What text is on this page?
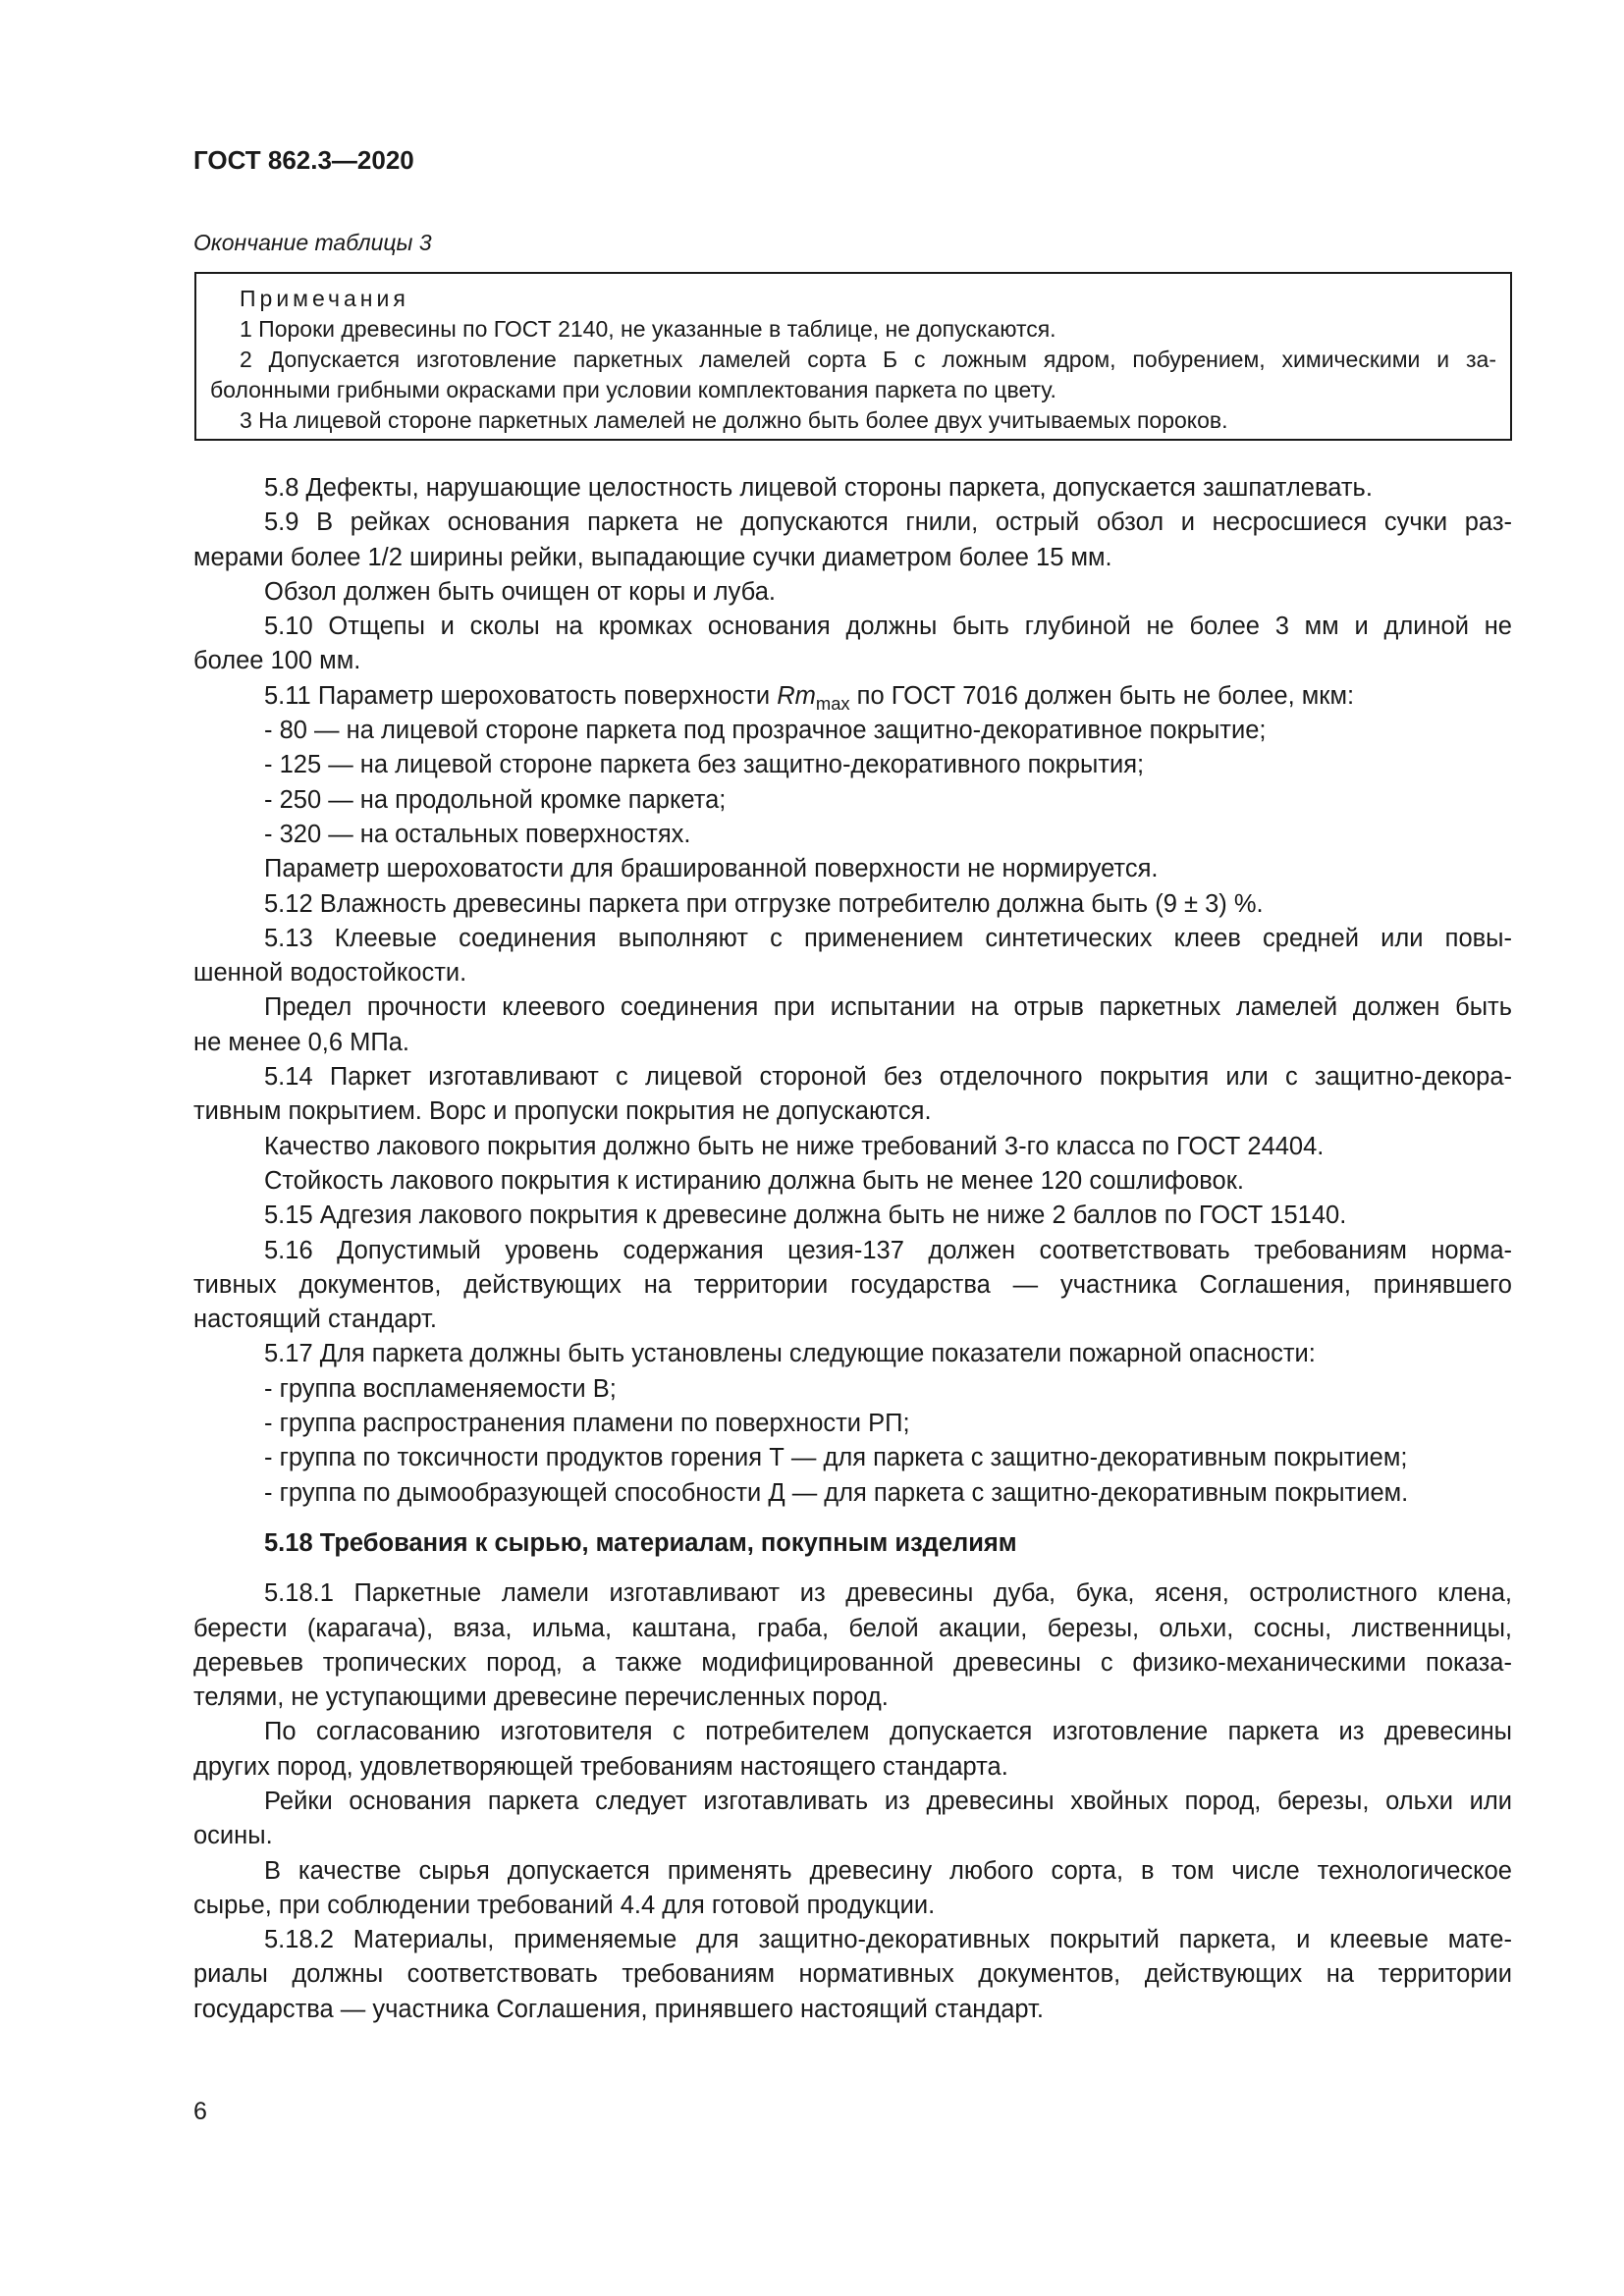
ГОСТ 862.3—2020
Окончание таблицы 3
Примечания
1 Пороки древесины по ГОСТ 2140, не указанные в таблице, не допускаются.
2 Допускается изготовление паркетных ламелей сорта Б с ложным ядром, побурением, химическими и за-
болонными грибными окрасками при условии комплектования паркета по цвету.
3 На лицевой стороне паркетных ламелей не должно быть более двух учитываемых пороков.

5.8 Дефекты, нарушающие целостность лицевой стороны паркета, допускается зашпатлевать.

5.9 В рейках основания паркета не допускаются гнили, острый обзол и несросшиеся сучки раз-

мерами более 1/2 ширины рейки, выпадающие сучки диаметром более 15 мм.

Обзол должен быть очищен от коры и луба.

5.10 Отщепы и сколы на кромках основания должны быть глубиной не более 3 мм и длиной не

более 100 мм.

5.11 Параметр шероховатость поверхности $Rm_{max}$ по ГОСТ 7016 должен быть не более, мкм:

- 80 — на лицевой стороне паркета под прозрачное защитно-декоративное покрытие;

- 125 — на лицевой стороне паркета без защитно-декоративного покрытия;

- 250 — на продольной кромке паркета;

- 320 — на остальных поверхностях.

Параметр шероховатости для брашированной поверхности не нормируется.

5.12 Влажность древесины паркета при отгрузке потребителю должна быть (9 ± 3) %.

5.13 Клеевые соединения выполняют с применением синтетических клеев средней или повы-

шенной водостойкости.

Предел прочности клеевого соединения при испытании на отрыв паркетных ламелей должен быть

не менее 0,6 МПа.

5.14 Паркет изготавливают с лицевой стороной без отделочного покрытия или с защитно-декора-

тивным покрытием. Ворс и пропуски покрытия не допускаются.

Качество лакового покрытия должно быть не ниже требований 3-го класса по ГОСТ 24404.

Стойкость лакового покрытия к истиранию должна быть не менее 120 сошлифовок.

5.15 Адгезия лакового покрытия к древесине должна быть не ниже 2 баллов по ГОСТ 15140.

5.16 Допустимый уровень содержания цезия-137 должен соответствовать требованиям норма-

тивных документов, действующих на территории государства — участника Соглашения, принявшего

настоящий стандарт.

5.17 Для паркета должны быть установлены следующие показатели пожарной опасности:

- группа воспламеняемости В;

- группа распространения пламени по поверхности РП;

- группа по токсичности продуктов горения Т — для паркета с защитно-декоративным покрытием;

- группа по дымообразующей способности Д — для паркета с защитно-декоративным покрытием.

5.18 Требования к сырью, материалам, покупным изделиям

5.18.1 Паркетные ламели изготавливают из древесины дуба, бука, ясеня, остролистного клена,

берести (карагача), вяза, ильма, каштана, граба, белой акации, березы, ольхи, сосны, лиственницы,

деревьев тропических пород, а также модифицированной древесины с физико-механическими показа-

телями, не уступающими древесине перечисленных пород.

По согласованию изготовителя с потребителем допускается изготовление паркета из древесины

других пород, удовлетворяющей требованиям настоящего стандарта.

Рейки основания паркета следует изготавливать из древесины хвойных пород, березы, ольхи или

осины.

В качестве сырья допускается применять древесину любого сорта, в том числе технологическое

сырье, при соблюдении требований 4.4 для готовой продукции.

5.18.2 Материалы, применяемые для защитно-декоративных покрытий паркета, и клеевые мате-

риалы должны соответствовать требованиям нормативных документов, действующих на территории

государства — участника Соглашения, принявшего настоящий стандарт.

6
